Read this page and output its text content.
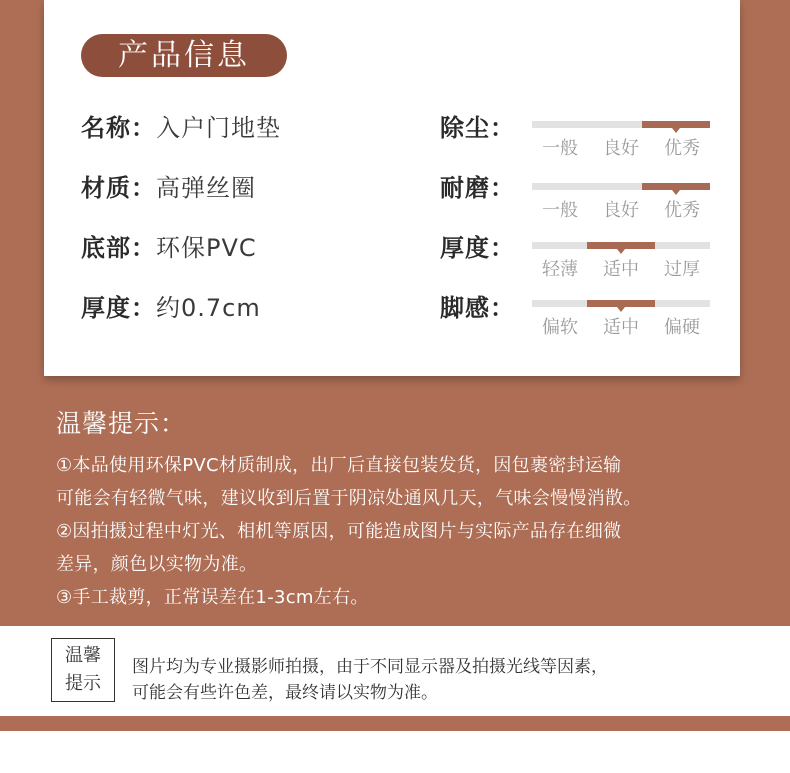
产品信息
名称：入户门地垫
材质：高弹丝圈
底部：环保PVC
厚度：约0.7cm
除尘：
一般	良好	优秀
耐磨：
一般	良好	优秀
厚度：
轻薄	适中	过厚
脚感：
偏软	适中	偏硬
温馨提示：
①本品使用环保PVC材质制成，出厂后直接包装发货，因包裹密封运输
可能会有轻微气味，建议收到后置于阴凉处通风几天，气味会慢慢消散。
②因拍摄过程中灯光、相机等原因，可能造成图片与实际产品存在细微
差异，颜色以实物为准。
③手工裁剪，正常误差在1-3cm左右。
温馨
提示
图片均为专业摄影师拍摄，由于不同显示器及拍摄光线等因素，
可能会有些许色差，最终请以实物为准。
